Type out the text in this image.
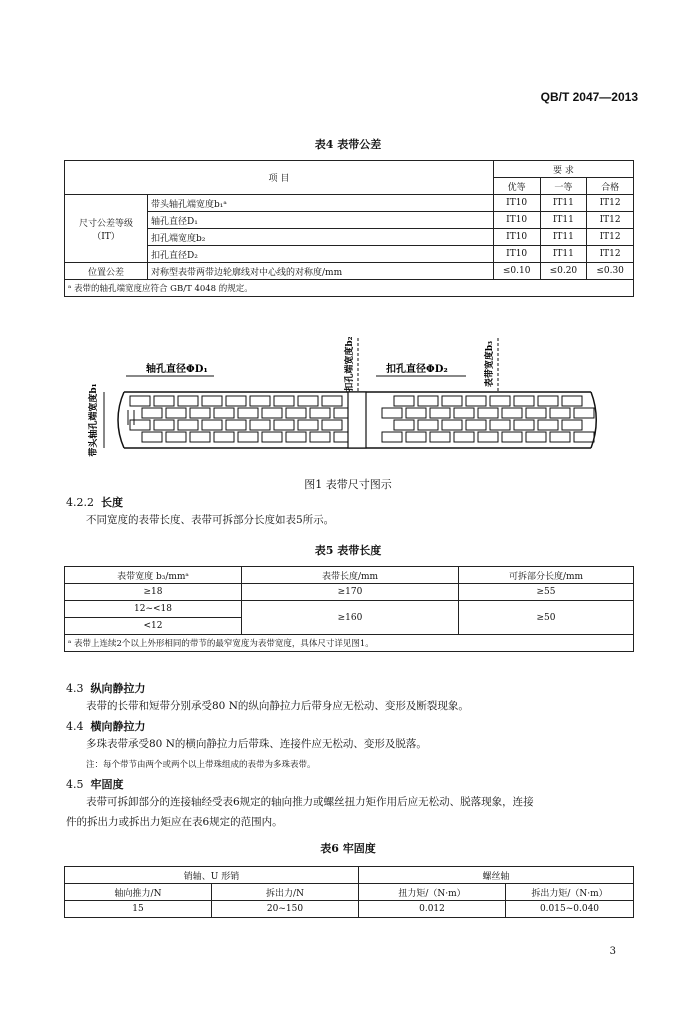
QB/T 2047—2013
表4 表带公差
项 目		要 求		
		优等	一等	合格
尺寸公差等级
（IT）	带头轴孔端宽度b₁ᵃ	IT10	IT11	IT12
	轴孔直径D₁	IT10	IT11	IT12
	扣孔端宽度b₂	IT10	IT11	IT12
	扣孔直径D₂	IT10	IT11	IT12
位置公差	对称型表带两带边轮廓线对中心线的对称度/mm	≤0.10	≤0.20	≤0.30
ᵃ 表带的轴孔端宽度应符合 GB/T 4048 的规定。				
带头轴孔端宽度b₁
轴孔直径ΦD₁	扣孔端宽度b₂	扣孔直径ΦD₂	表带宽度b₃
图1 表带尺寸图示
4.2.2 长度
不同宽度的表带长度、表带可拆部分长度如表5所示。
表5 表带长度
表带宽度 b₃/mmᵃ	表带长度/mm	可拆部分长度/mm
≥18	≥170	≥55
12~<18	≥160	≥50
<12		
ᵃ 表带上连续2个以上外形相同的带节的最窄宽度为表带宽度，具体尺寸详见图1。		
4.3 纵向静拉力
表带的长带和短带分别承受80 N的纵向静拉力后带身应无松动、变形及断裂现象。
4.4 横向静拉力
多珠表带承受80 N的横向静拉力后带珠、连接件应无松动、变形及脱落。
注：每个带节由两个或两个以上带珠组成的表带为多珠表带。
4.5 牢固度
表带可拆卸部分的连接轴经受表6规定的轴向推力或螺丝扭力矩作用后应无松动、脱落现象，连接
件的拆出力或拆出力矩应在表6规定的范围内。
表6 牢固度
销轴、U 形销		螺丝轴	
轴向推力/N	拆出力/N	扭力矩/（N·m）	拆出力矩/（N·m）
15	20~150	0.012	0.015~0.040
3
